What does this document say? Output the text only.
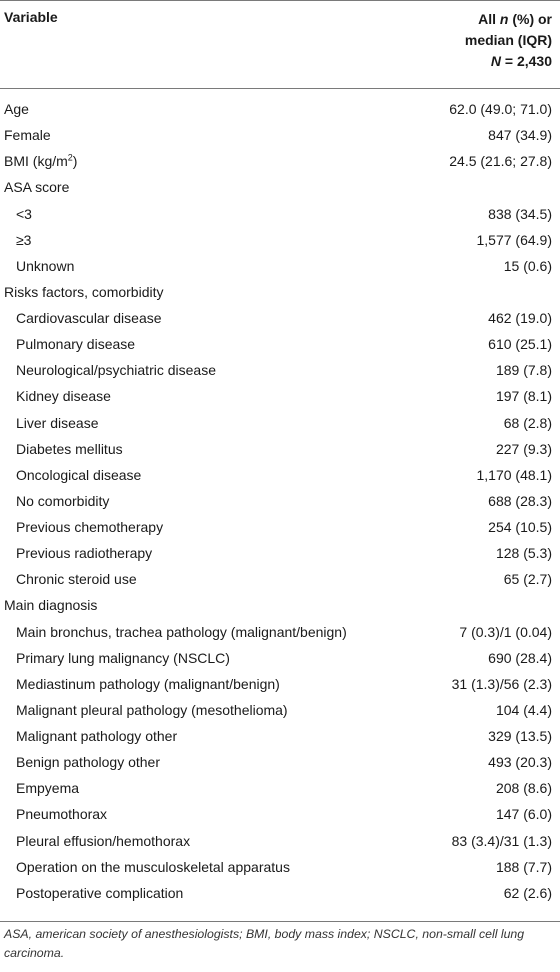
Variable	All n (%) or
median (IQR)
N = 2,430
Age	62.0 (49.0; 71.0)
Female	847 (34.9)
BMI $(kg/m^2)$	24.5 (21.6; 27.8)
ASA score
<3	838 (34.5)
≥3	1,577 (64.9)
Unknown	15 (0.6)
Risks factors, comorbidity
Cardiovascular disease	462 (19.0)
Pulmonary disease	610 (25.1)
Neurological/psychiatric disease	189 (7.8)
Kidney disease	197 (8.1)
Liver disease	68 (2.8)
Diabetes mellitus	227 (9.3)
Oncological disease	1,170 (48.1)
No comorbidity	688 (28.3)
Previous chemotherapy	254 (10.5)
Previous radiotherapy	128 (5.3)
Chronic steroid use	65 (2.7)
Main diagnosis
Main bronchus, trachea pathology (malignant/benign)	7 (0.3)/1 (0.04)
Primary lung malignancy (NSCLC)	690 (28.4)
Mediastinum pathology (malignant/benign)	31 (1.3)/56 (2.3)
Malignant pleural pathology (mesothelioma)	104 (4.4)
Malignant pathology other	329 (13.5)
Benign pathology other	493 (20.3)
Empyema	208 (8.6)
Pneumothorax	147 (6.0)
Pleural effusion/hemothorax	83 (3.4)/31 (1.3)
Operation on the musculoskeletal apparatus	188 (7.7)
Postoperative complication	62 (2.6)
ASA, american society of anesthesiologists; BMI, body mass index; NSCLC, non-small cell lung carcinoma.
